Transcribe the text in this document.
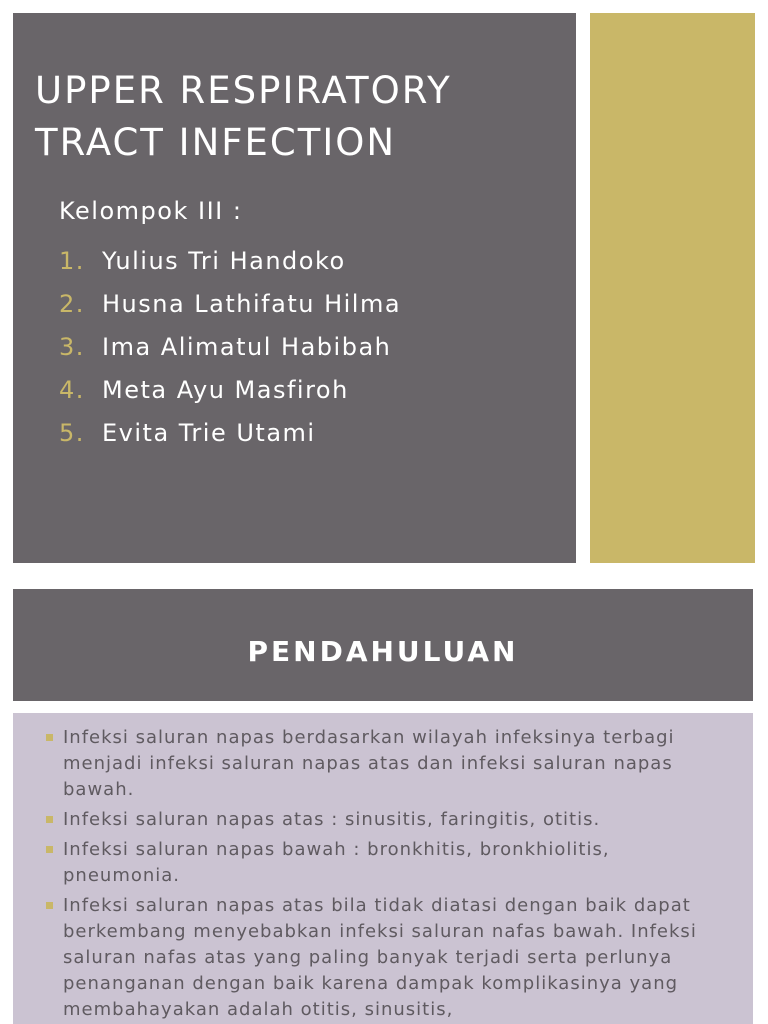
UPPER RESPIRATORY
TRACT INFECTION
Kelompok III :
1. Yulius Tri Handoko
2. Husna Lathifatu Hilma
3. Ima Alimatul Habibah
4. Meta Ayu Masfiroh
5. Evita Trie Utami
PENDAHULUAN
Infeksi saluran napas berdasarkan wilayah infeksinya terbagi menjadi infeksi saluran napas atas dan infeksi saluran napas bawah.
Infeksi saluran napas atas : sinusitis, faringitis, otitis.
Infeksi saluran napas bawah : bronkhitis, bronkhiolitis, pneumonia.
Infeksi saluran napas atas bila tidak diatasi dengan baik dapat berkembang menyebabkan infeksi saluran nafas bawah. Infeksi saluran nafas atas yang paling banyak terjadi serta perlunya penanganan dengan baik karena dampak komplikasinya yang membahayakan adalah otitis, sinusitis,
